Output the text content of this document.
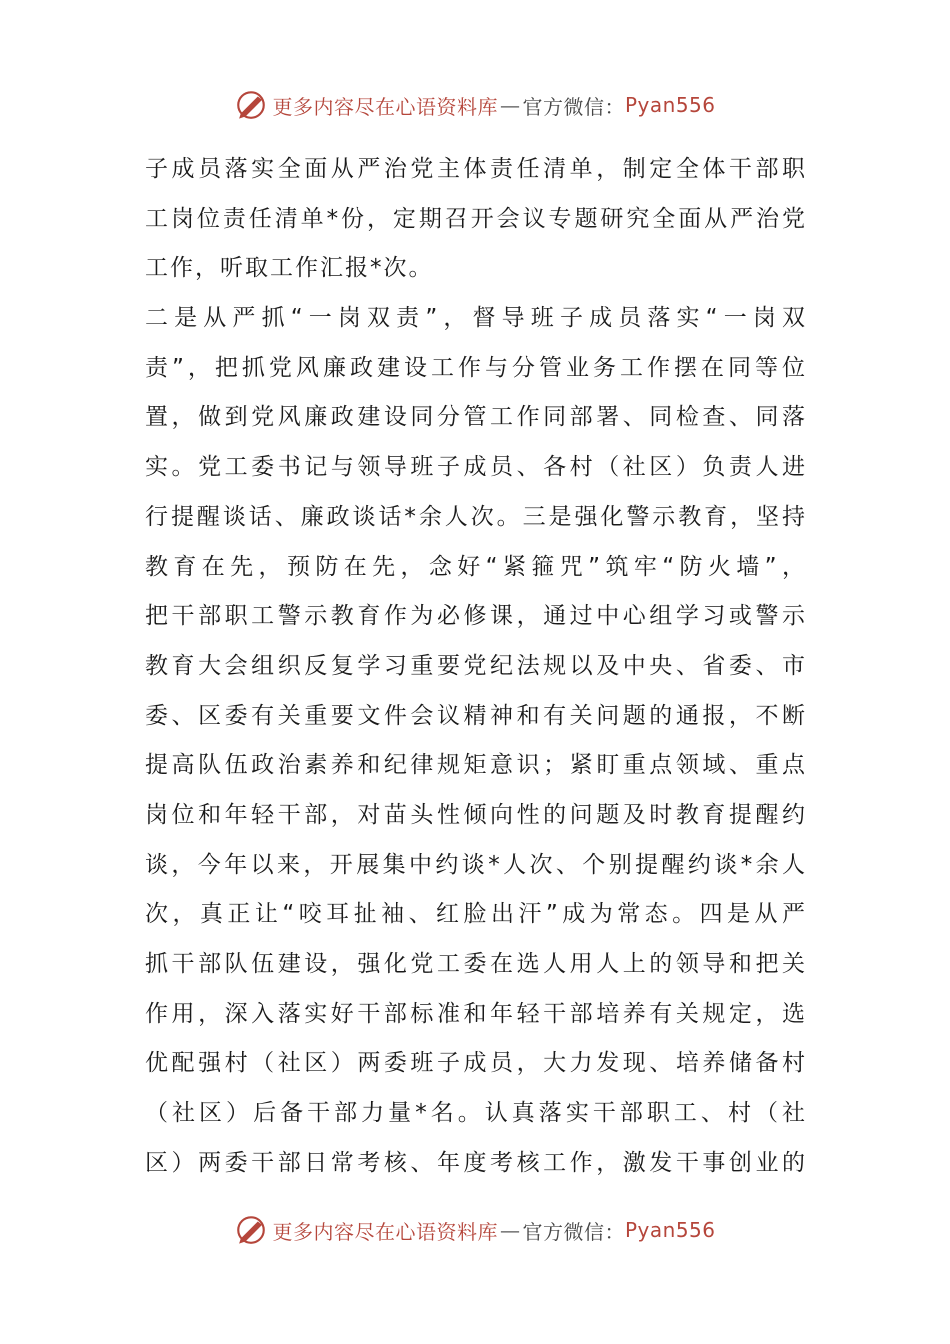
更多内容尽在心语资料库 — 官方微信： Pyan556
子成员落实全面从严治党主体责任清单，制定全体干部职
工岗位责任清单*份，定期召开会议专题研究全面从严治党
工作，听取工作汇报*次。
二是从严抓“一岗双责”，督导班子成员落实“一岗双
责”，把抓党风廉政建设工作与分管业务工作摆在同等位
置，做到党风廉政建设同分管工作同部署、同检查、同落
实。党工委书记与领导班子成员、各村（社区）负责人进
行提醒谈话、廉政谈话*余人次。三是强化警示教育，坚持
教育在先，预防在先，念好“紧箍咒”筑牢“防火墙”，
把干部职工警示教育作为必修课，通过中心组学习或警示
教育大会组织反复学习重要党纪法规以及中央、省委、市
委、区委有关重要文件会议精神和有关问题的通报，不断
提高队伍政治素养和纪律规矩意识；紧盯重点领域、重点
岗位和年轻干部，对苗头性倾向性的问题及时教育提醒约
谈，今年以来，开展集中约谈*人次、个别提醒约谈*余人
次，真正让“咬耳扯袖、红脸出汗”成为常态。四是从严
抓干部队伍建设，强化党工委在选人用人上的领导和把关
作用，深入落实好干部标准和年轻干部培养有关规定，选
优配强村（社区）两委班子成员，大力发现、培养储备村
（社区）后备干部力量*名。认真落实干部职工、村（社
区）两委干部日常考核、年度考核工作，激发干事创业的
更多内容尽在心语资料库 — 官方微信： Pyan556
